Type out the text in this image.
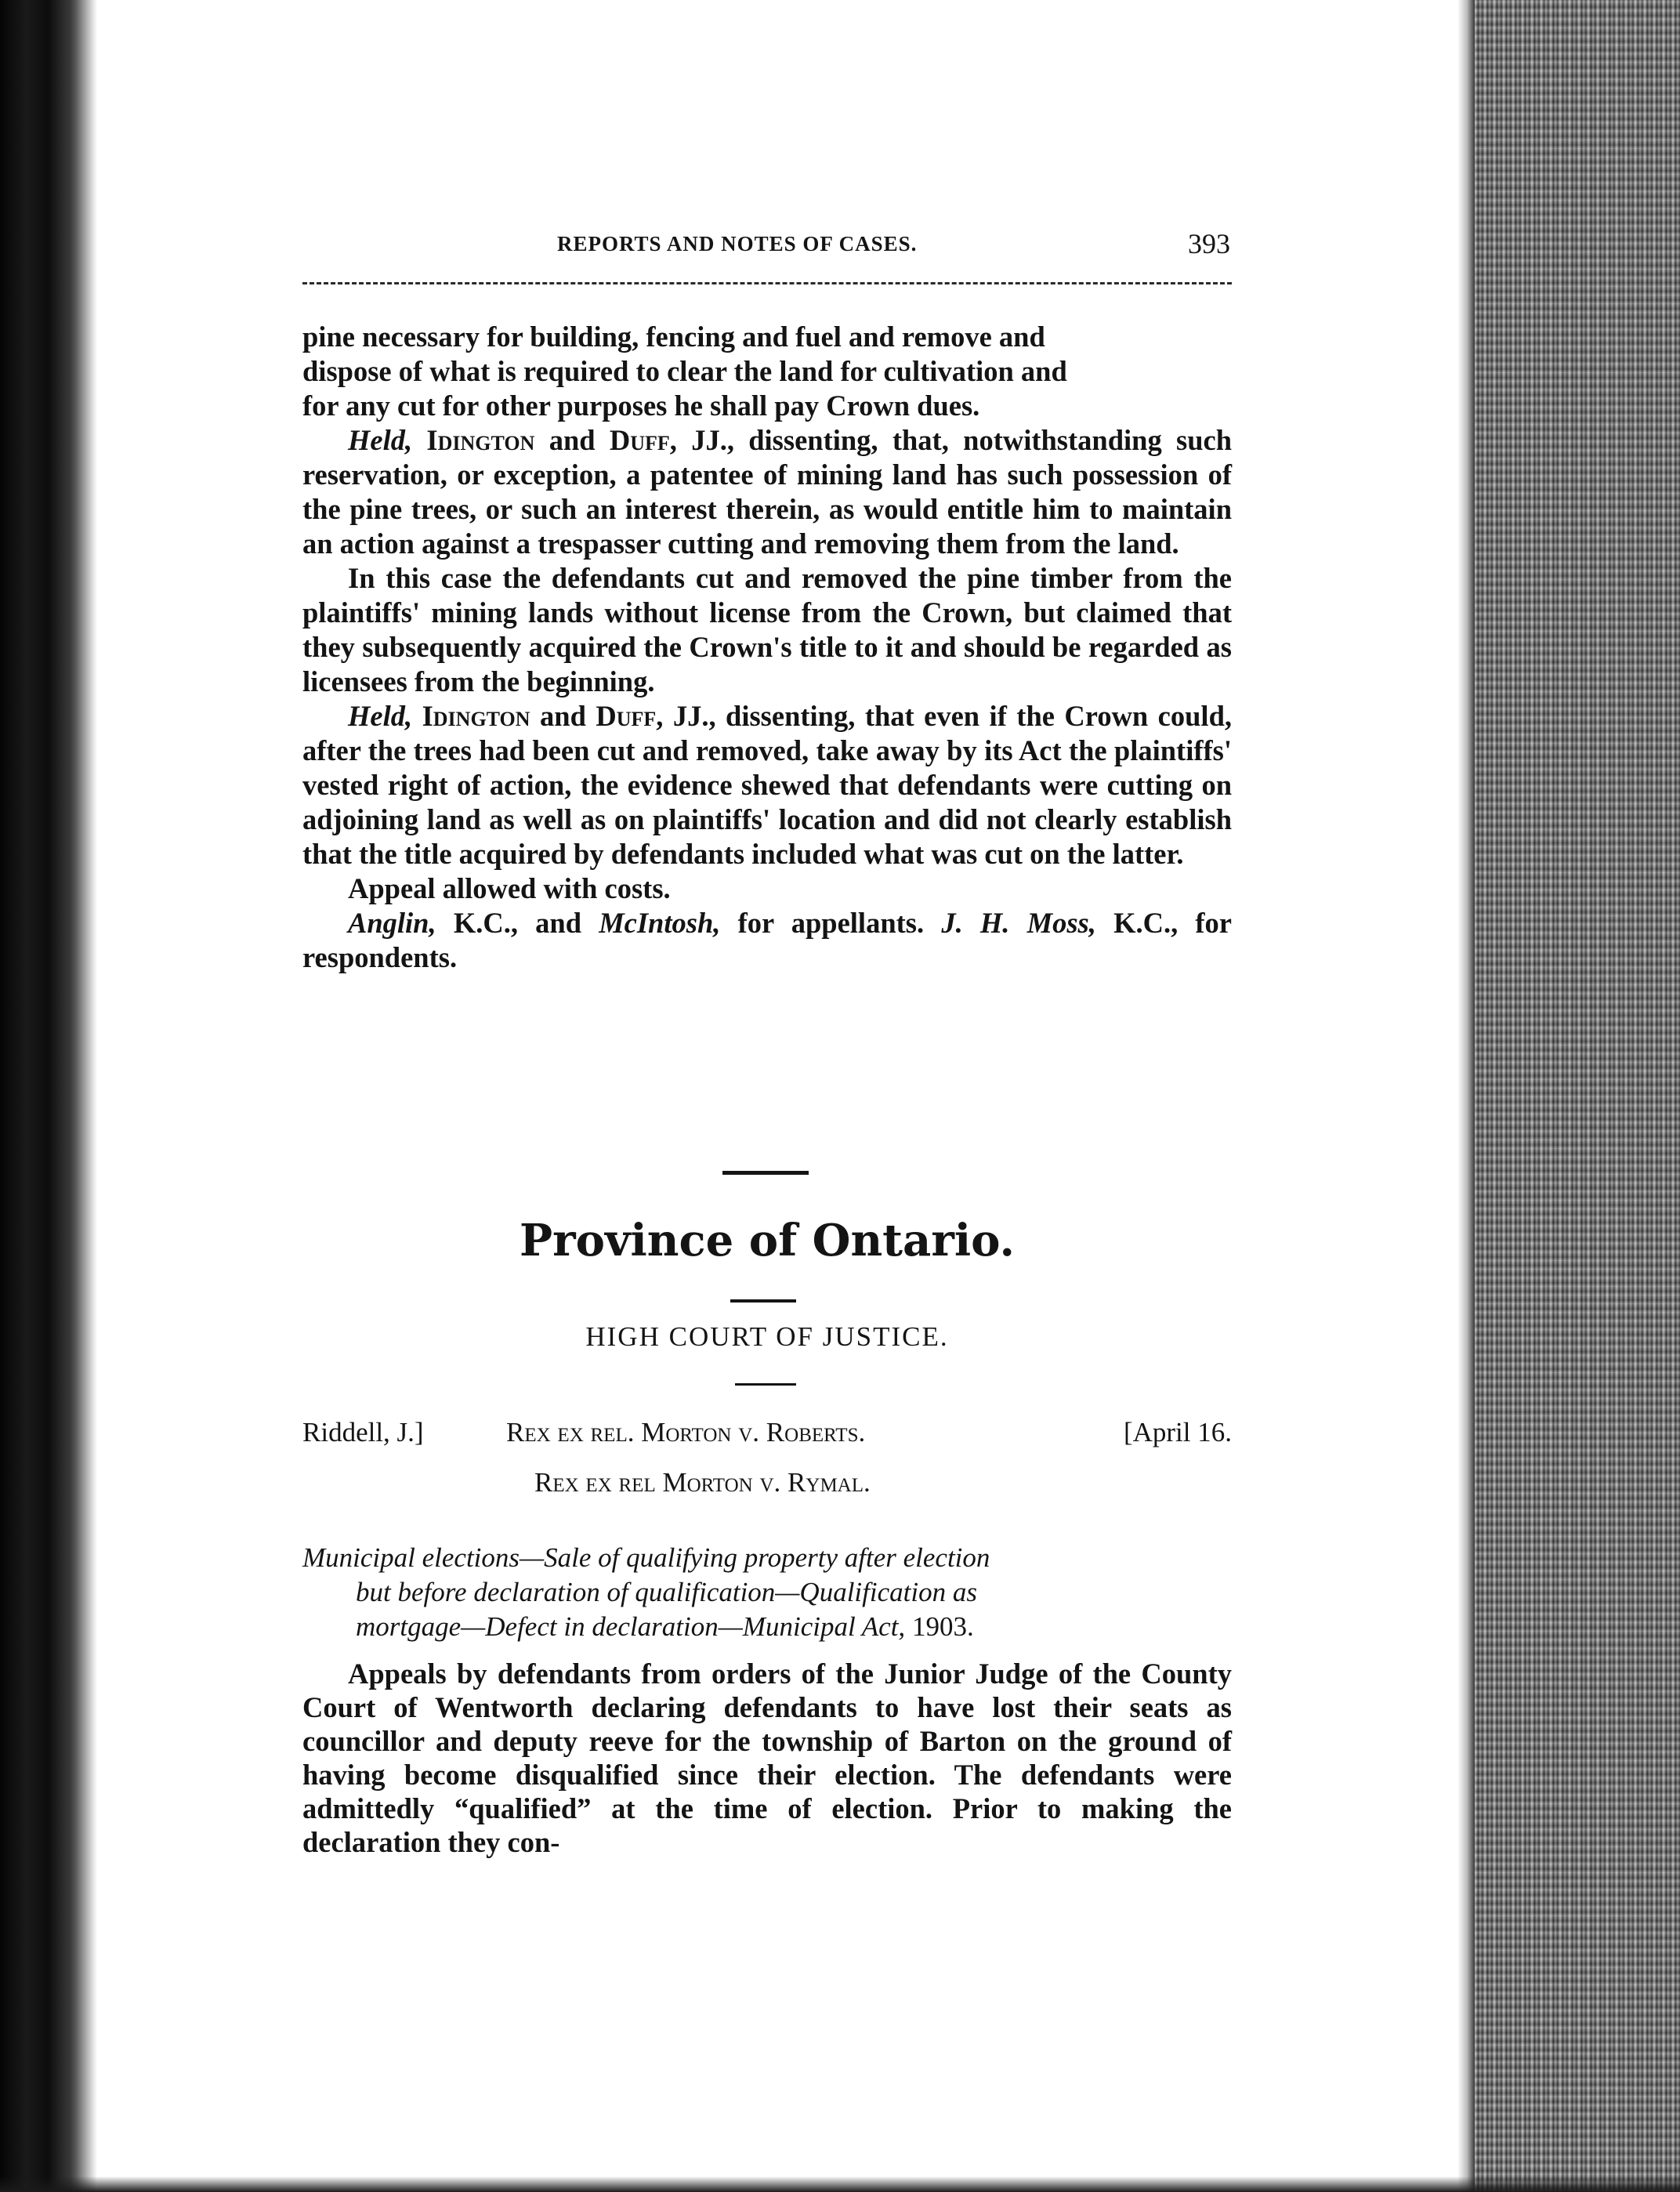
REPORTS AND NOTES OF CASES.	393

pine necessary for building, fencing and fuel and remove and

dispose of what is required to clear the land for cultivation and

for any cut for other purposes he shall pay Crown dues.

Held, Idington and Duff, JJ., dissenting, that, notwithstanding such reservation, or exception, a patentee of mining land has such possession of the pine trees, or such an interest therein, as would entitle him to maintain an action against a trespasser cutting and removing them from the land.

In this case the defendants cut and removed the pine timber from the plaintiffs' mining lands without license from the Crown, but claimed that they subsequently acquired the Crown's title to it and should be regarded as licensees from the beginning.

Held, Idington and Duff, JJ., dissenting, that even if the Crown could, after the trees had been cut and removed, take away by its Act the plaintiffs' vested right of action, the evidence shewed that defendants were cutting on adjoining land as well as on plaintiffs' location and did not clearly establish that the title acquired by defendants included what was cut on the latter.

Appeal allowed with costs.

Anglin, K.C., and McIntosh, for appellants. J. H. Moss, K.C., for respondents.

Province of Ontario.
HIGH COURT OF JUSTICE.
Riddell, J.]	Rex ex rel. Morton v. Roberts.	[April 16.
Rex ex rel Morton v. Rymal.

Municipal elections—Sale of qualifying property after election

but before declaration of qualification—Qualification as

mortgage—Defect in declaration—Municipal Act, 1903.

Appeals by defendants from orders of the Junior Judge of the County Court of Wentworth declaring defendants to have lost their seats as councillor and deputy reeve for the township of Barton on the ground of having become disqualified since their election. The defendants were admittedly “qualified” at the time of election. Prior to making the declaration they con-
